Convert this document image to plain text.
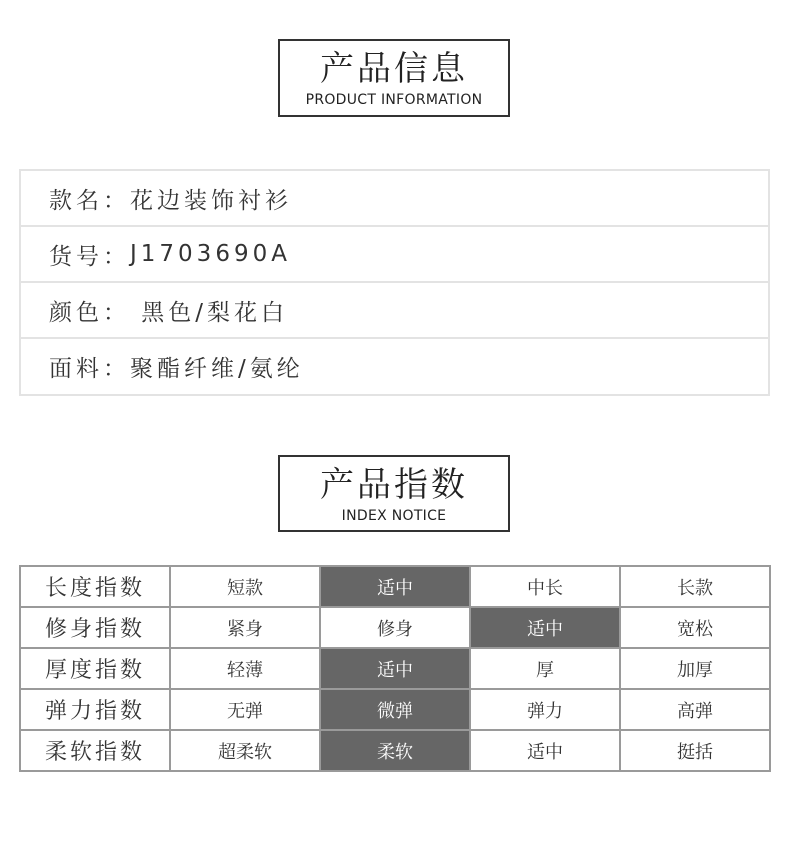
产品信息
PRODUCT INFORMATION
款名： 花边装饰衬衫
货号： J1703690A
颜色： 黑色/梨花白
面料： 聚酯纤维/氨纶
产品指数
INDEX NOTICE
长度指数	短款	适中	中长	长款
修身指数	紧身	修身	适中	宽松
厚度指数	轻薄	适中	厚	加厚
弹力指数	无弹	微弹	弹力	高弹
柔软指数	超柔软	柔软	适中	挺括
